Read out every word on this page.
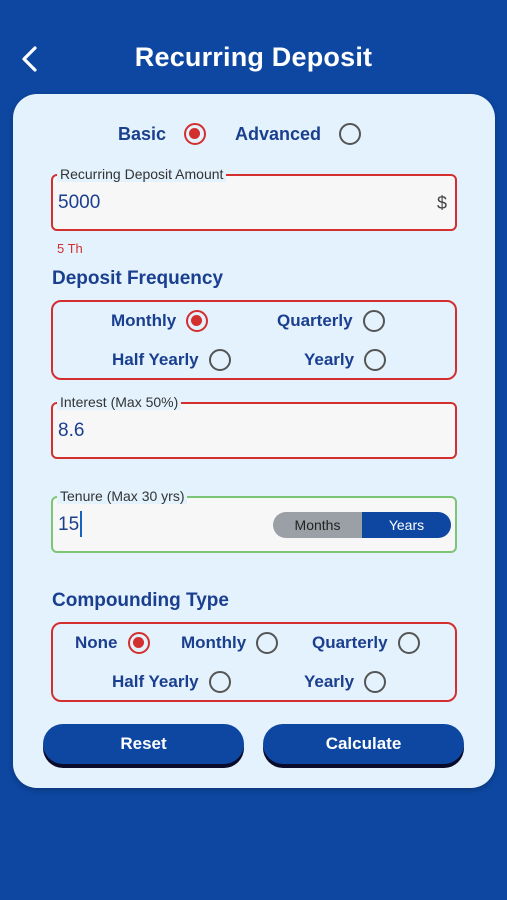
Recurring Deposit
Basic	Advanced
Recurring Deposit Amount
5000	$
5 Th
Deposit Frequency
Monthly	Quarterly
Half Yearly	Yearly
Interest (Max 50%)
8.6
Tenure (Max 30 yrs)
15	Months	Years
Compounding Type
None	Monthly	Quarterly
Half Yearly	Yearly
Reset	Calculate
